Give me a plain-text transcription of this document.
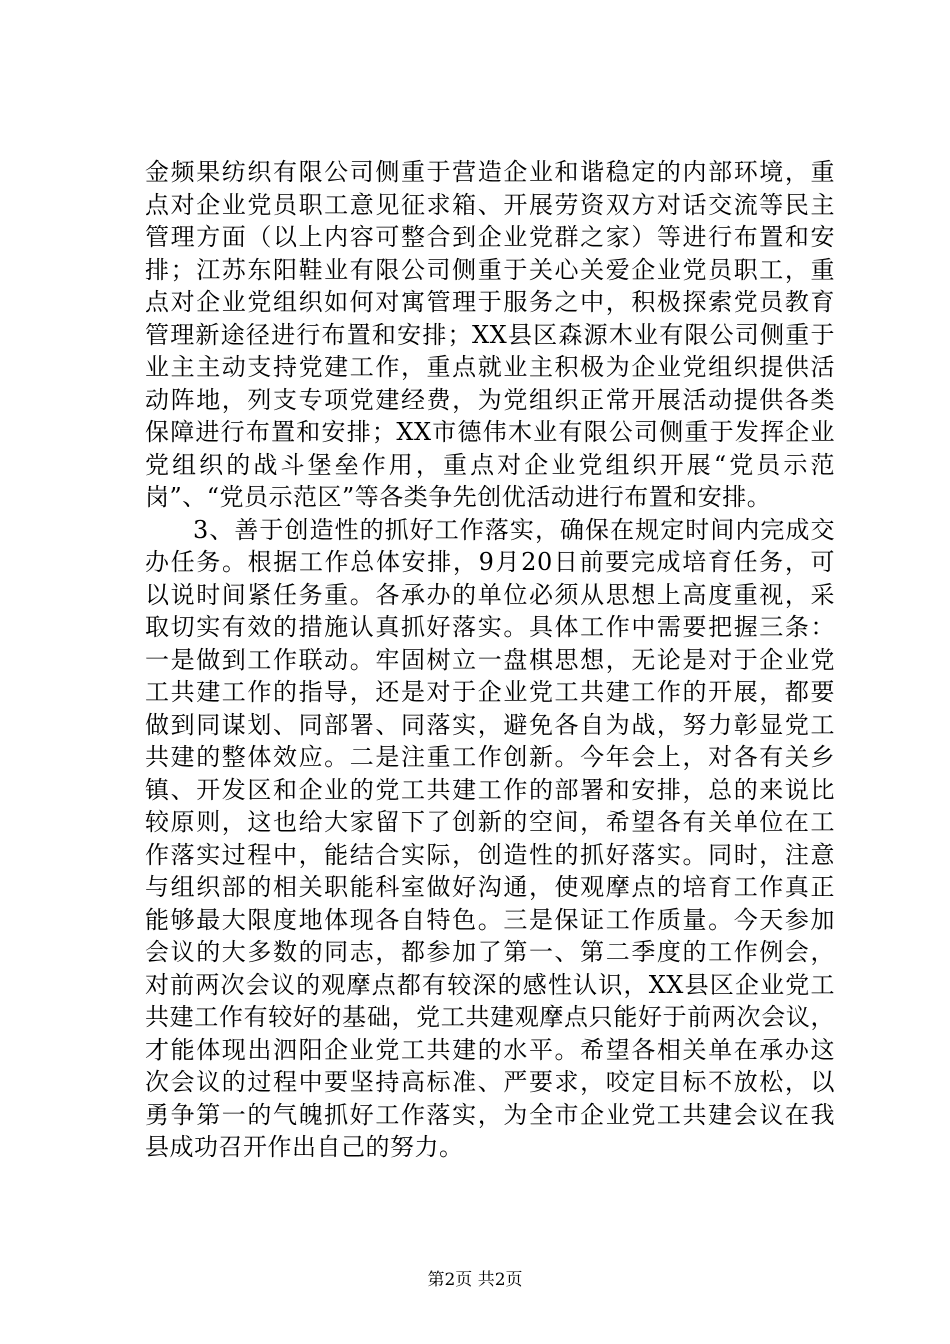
金频果纺织有限公司侧重于营造企业和谐稳定的内部环境，重
点对企业党员职工意见征求箱、开展劳资双方对话交流等民主
管理方面（以上内容可整合到企业党群之家）等进行布置和安
排；江苏东阳鞋业有限公司侧重于关心关爱企业党员职工，重
点对企业党组织如何对寓管理于服务之中，积极探索党员教育
管理新途径进行布置和安排；XX县区森源木业有限公司侧重于
业主主动支持党建工作，重点就业主积极为企业党组织提供活
动阵地，列支专项党建经费，为党组织正常开展活动提供各类
保障进行布置和安排；XX市德伟木业有限公司侧重于发挥企业
党组织的战斗堡垒作用，重点对企业党组织开展“党员示范
岗”、“党员示范区”等各类争先创优活动进行布置和安排。
3、善于创造性的抓好工作落实，确保在规定时间内完成交
办任务。根据工作总体安排，9月20日前要完成培育任务，可
以说时间紧任务重。各承办的单位必须从思想上高度重视，采
取切实有效的措施认真抓好落实。具体工作中需要把握三条：
一是做到工作联动。牢固树立一盘棋思想，无论是对于企业党
工共建工作的指导，还是对于企业党工共建工作的开展，都要
做到同谋划、同部署、同落实，避免各自为战，努力彰显党工
共建的整体效应。二是注重工作创新。今年会上，对各有关乡
镇、开发区和企业的党工共建工作的部署和安排，总的来说比
较原则，这也给大家留下了创新的空间，希望各有关单位在工
作落实过程中，能结合实际，创造性的抓好落实。同时，注意
与组织部的相关职能科室做好沟通，使观摩点的培育工作真正
能够最大限度地体现各自特色。三是保证工作质量。今天参加
会议的大多数的同志，都参加了第一、第二季度的工作例会，
对前两次会议的观摩点都有较深的感性认识，XX县区企业党工
共建工作有较好的基础，党工共建观摩点只能好于前两次会议，
才能体现出泗阳企业党工共建的水平。希望各相关单在承办这
次会议的过程中要坚持高标准、严要求，咬定目标不放松，以
勇争第一的气魄抓好工作落实，为全市企业党工共建会议在我
县成功召开作出自己的努力。
第2页 共2页
